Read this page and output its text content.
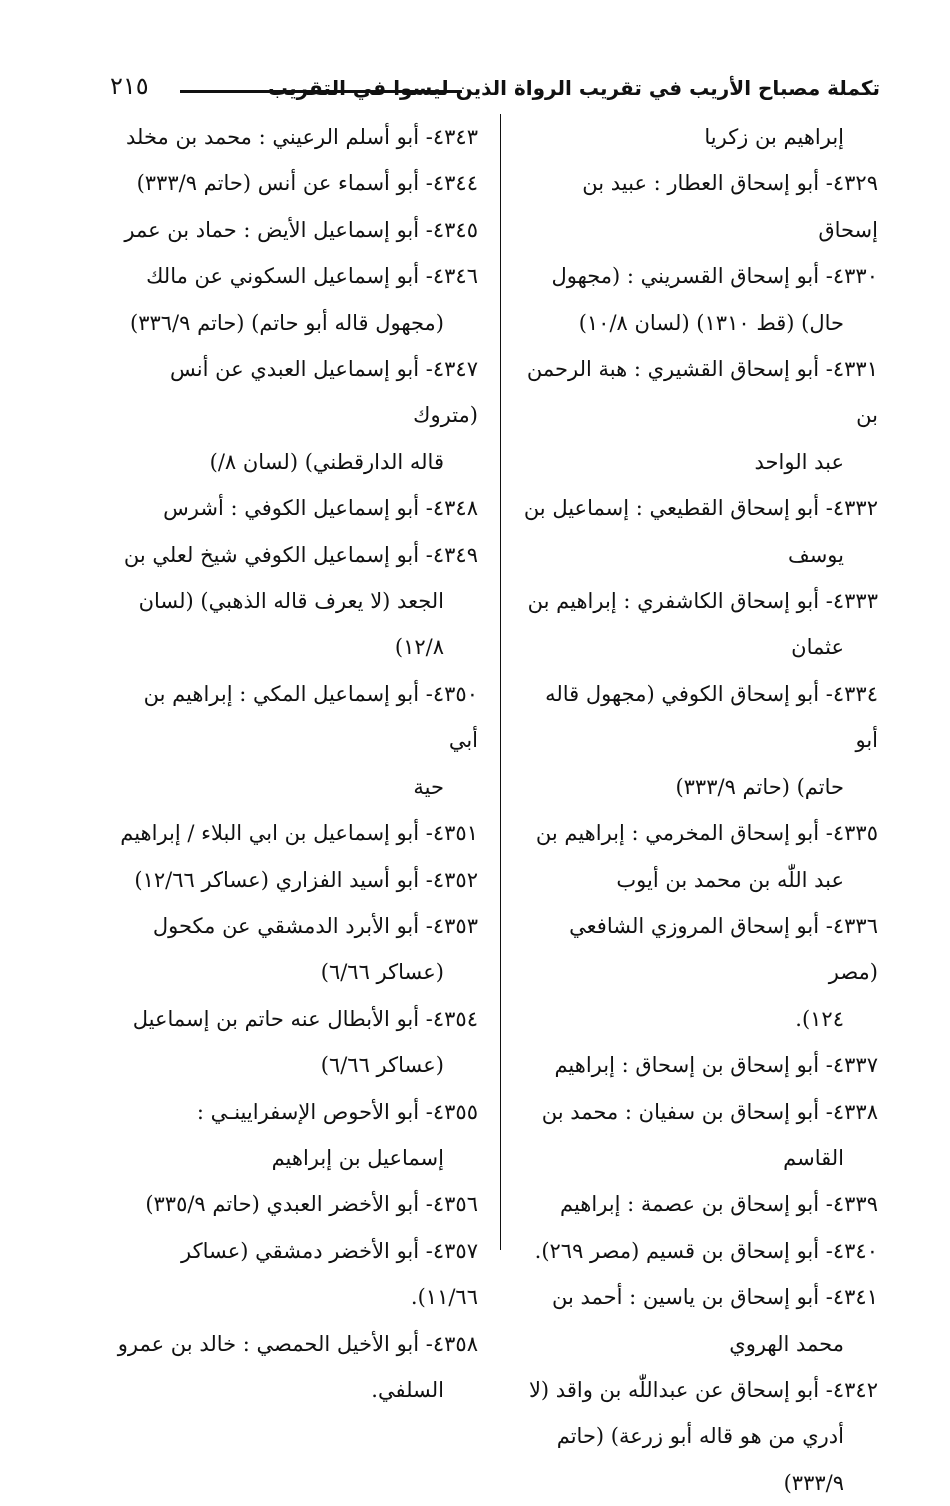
تكملة مصباح الأريب في تقريب الرواة الذين ليسوا في التقريب
٢١٥
إبراهيم بن زكريا

٤٣٢٩- أبو إسحاق العطار : عبيد بن إسحاق

٤٣٣٠- أبو إسحاق القسريني : (مجهول
حال) (قط ١٣١٠) (لسان ١٠/٨)

٤٣٣١- أبو إسحاق القشيري : هبة الرحمن بن
عبد الواحد

٤٣٣٢- أبو إسحاق القطيعي : إسماعيل بن
يوسف

٤٣٣٣- أبو إسحاق الكاشفري : إبراهيم بن
عثمان

٤٣٣٤- أبو إسحاق الكوفي (مجهول قاله أبو
حاتم) (حاتم ٣٣٣/٩)

٤٣٣٥- أبو إسحاق المخرمي : إبراهيم بن
عبد اللّٰه بن محمد بن أيوب

٤٣٣٦- أبو إسحاق المروزي الشافعي (مصر
١٢٤).

٤٣٣٧- أبو إسحاق بن إسحاق : إبراهيم

٤٣٣٨- أبو إسحاق بن سفيان : محمد بن
القاسم

٤٣٣٩- أبو إسحاق بن عصمة : إبراهيم

٤٣٤٠- أبو إسحاق بن قسيم (مصر ٢٦٩).

٤٣٤١- أبو إسحاق بن ياسين : أحمد بن
محمد الهروي

٤٣٤٢- أبو إسحاق عن عبداللّٰه بن واقد (لا
أدري من هو قاله أبو زرعة) (حاتم ٣٣٣/٩)

٤٣٤٣- أبو أسلم الرعيني : محمد بن مخلد

٤٣٤٤- أبو أسماء عن أنس (حاتم ٣٣٣/٩)

٤٣٤٥- أبو إسماعيل الأيض : حماد بن عمر

٤٣٤٦- أبو إسماعيل السكوني عن مالك
(مجهول قاله أبو حاتم) (حاتم ٣٣٦/٩)

٤٣٤٧- أبو إسماعيل العبدي عن أنس (متروك
قاله الدارقطني) (لسان ٨/)

٤٣٤٨- أبو إسماعيل الكوفي : أشرس

٤٣٤٩- أبو إسماعيل الكوفي شيخ لعلي بن
الجعد (لا يعرف قاله الذهبي) (لسان
١٢/٨)

٤٣٥٠- أبو إسماعيل المكي : إبراهيم بن أبي
حية

٤٣٥١- أبو إسماعيل بن ابي البلاء / إبراهيم

٤٣٥٢- أبو أسيد الفزاري (عساكر ١٢/٦٦)

٤٣٥٣- أبو الأبرد الدمشقي عن مكحول
(عساكر ٦/٦٦)

٤٣٥٤- أبو الأبطال عنه حاتم بن إسماعيل
(عساكر ٦/٦٦)

٤٣٥٥- أبو الأحوص الإسفرايينـي :
إسماعيل بن إبراهيم

٤٣٥٦- أبو الأخضر العبدي (حاتم ٣٣٥/٩)

٤٣٥٧- أبو الأخضر دمشقي (عساكر ١١/٦٦).

٤٣٥٨- أبو الأخيل الحمصي : خالد بن عمرو
السلفي.
